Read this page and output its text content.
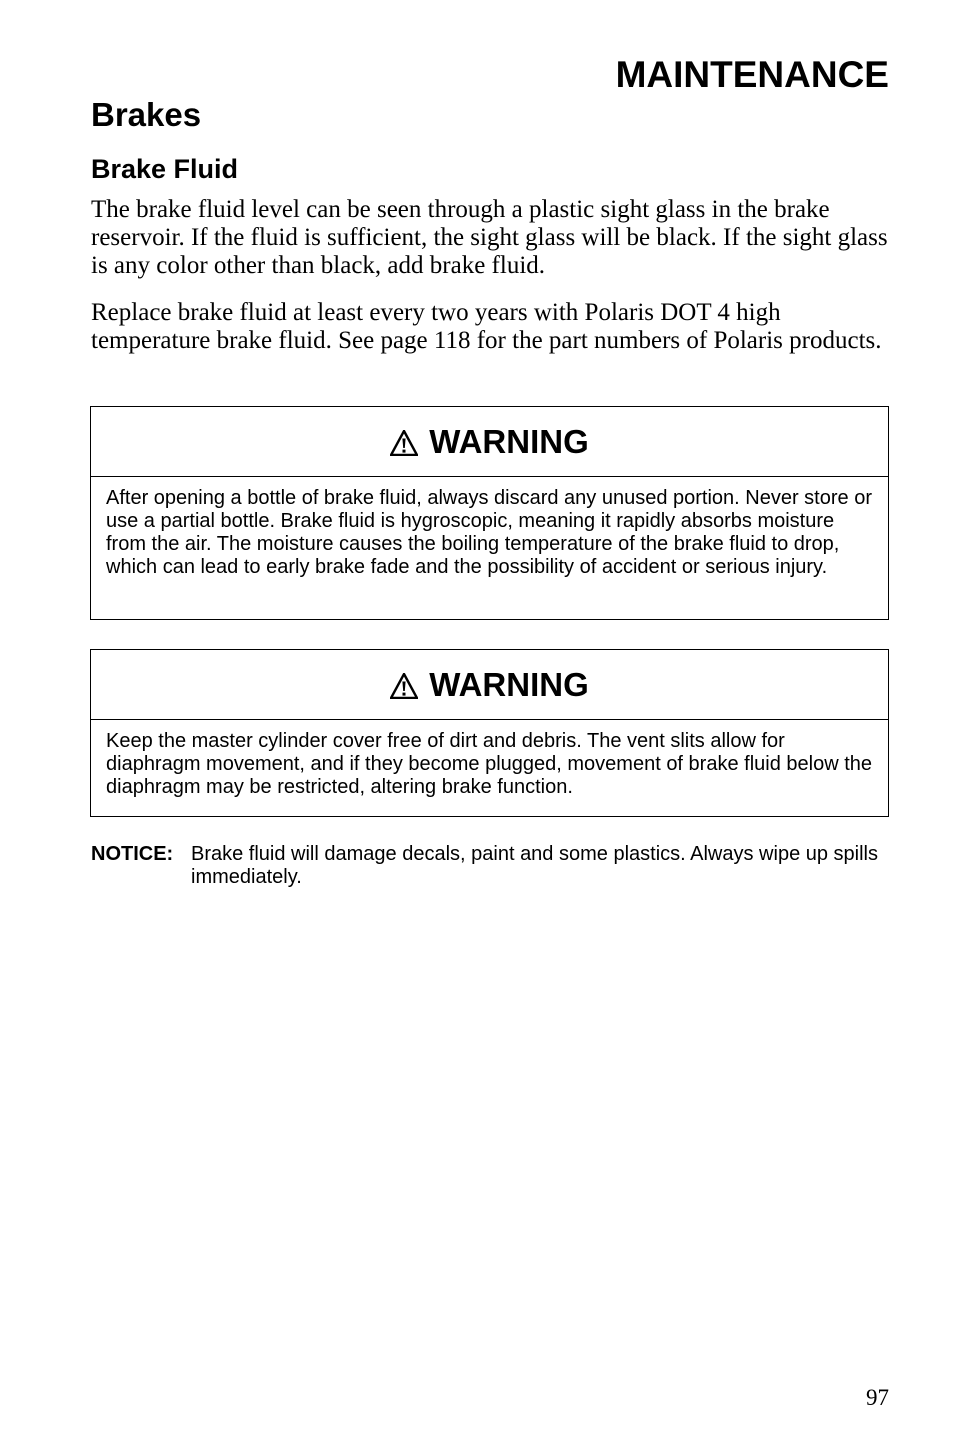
MAINTENANCE
Brakes
Brake Fluid

The brake fluid level can be seen through a plastic sight glass in the brake reservoir. If the fluid is sufficient, the sight glass will be black. If the sight glass is any color other than black, add brake fluid.

Replace brake fluid at least every two years with Polaris DOT 4 high temperature brake fluid. See page 118 for the part numbers of Polaris products.

WARNING

After opening a bottle of brake fluid, always discard any unused portion. Never store or use a partial bottle. Brake fluid is hygroscopic, meaning it rapidly absorbs moisture from the air. The moisture causes the boiling temperature of the brake fluid to drop, which can lead to early brake fade and the possibility of accident or serious injury.

WARNING

Keep the master cylinder cover free of dirt and debris. The vent slits allow for diaphragm movement, and if they become plugged, movement of brake fluid below the diaphragm may be restricted, altering brake function.

NOTICE: Brake fluid will damage decals, paint and some plastics. Always wipe up spills immediately.
97
